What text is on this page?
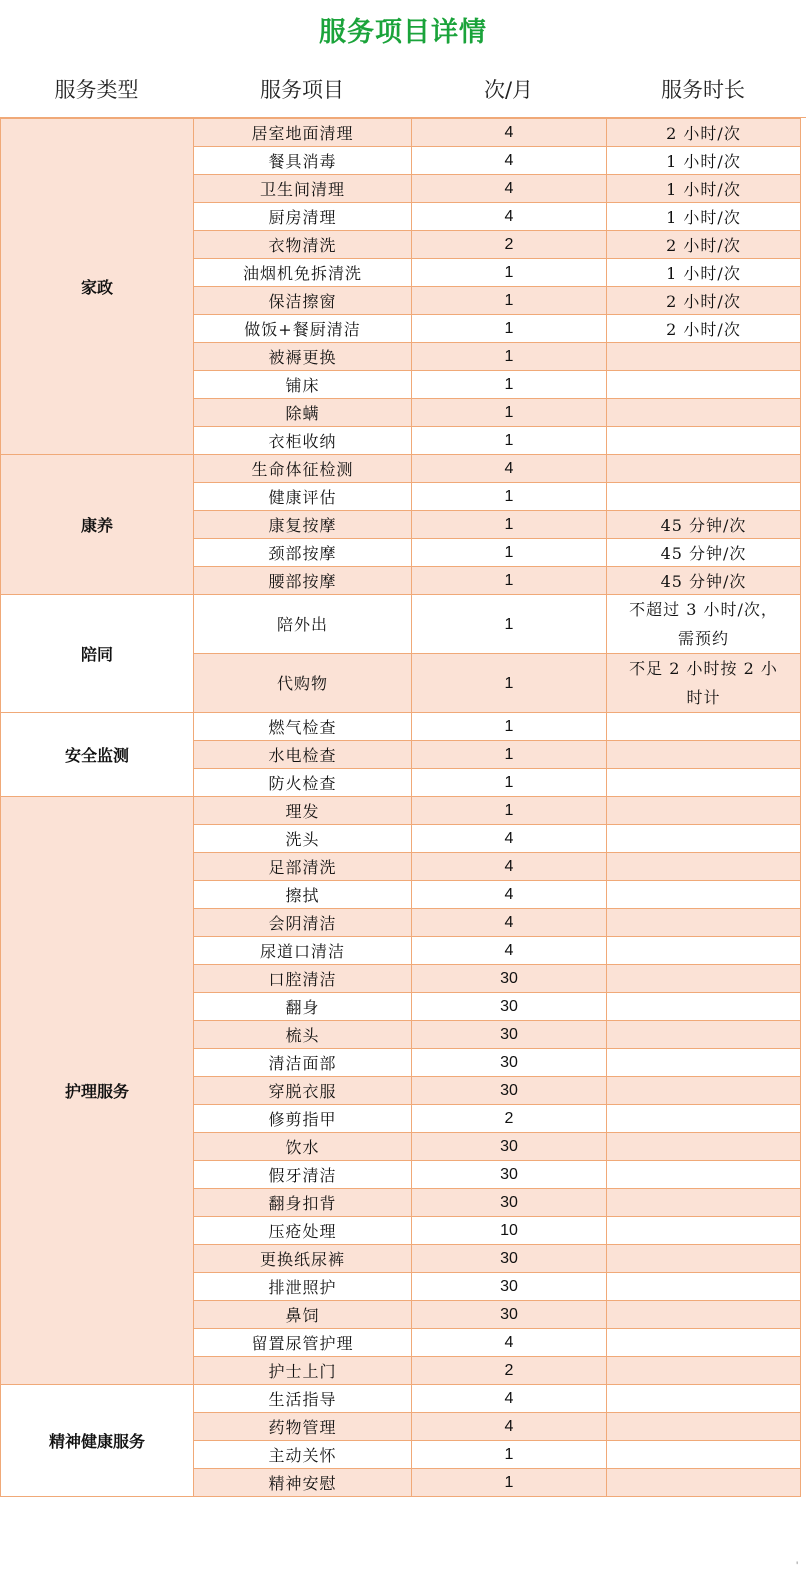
服务项目详情
服务类型	服务项目	次/月	服务时长
家政	居室地面清理	4	2 小时/次
	餐具消毒	4	1 小时/次
	卫生间清理	4	1 小时/次
	厨房清理	4	1 小时/次
	衣物清洗	2	2 小时/次
	油烟机免拆清洗	1	1 小时/次
	保洁擦窗	1	2 小时/次
	做饭+餐厨清洁	1	2 小时/次
	被褥更换	1	
	铺床	1	
	除螨	1	
	衣柜收纳	1	
康养	生命体征检测	4	
	健康评估	1	
	康复按摩	1	45 分钟/次
	颈部按摩	1	45 分钟/次
	腰部按摩	1	45 分钟/次
陪同	陪外出	1	不超过 3 小时/次，
需预约

	代购物	1	不足 2 小时按 2 小
时计

安全监测	燃气检查	1	
	水电检查	1	
	防火检查	1	
护理服务	理发	1	
	洗头	4	
	足部清洗	4	
	擦拭	4	
	会阴清洁	4	
	尿道口清洁	4	
	口腔清洁	30	
	翻身	30	
	梳头	30	
	清洁面部	30	
	穿脱衣服	30	
	修剪指甲	2	
	饮水	30	
	假牙清洁	30	
	翻身扣背	30	
	压疮处理	10	
	更换纸尿裤	30	
	排泄照护	30	
	鼻饲	30	
	留置尿管护理	4	
	护士上门	2	
精神健康服务	生活指导	4	
	药物管理	4	
	主动关怀	1	
	精神安慰	1	
'
